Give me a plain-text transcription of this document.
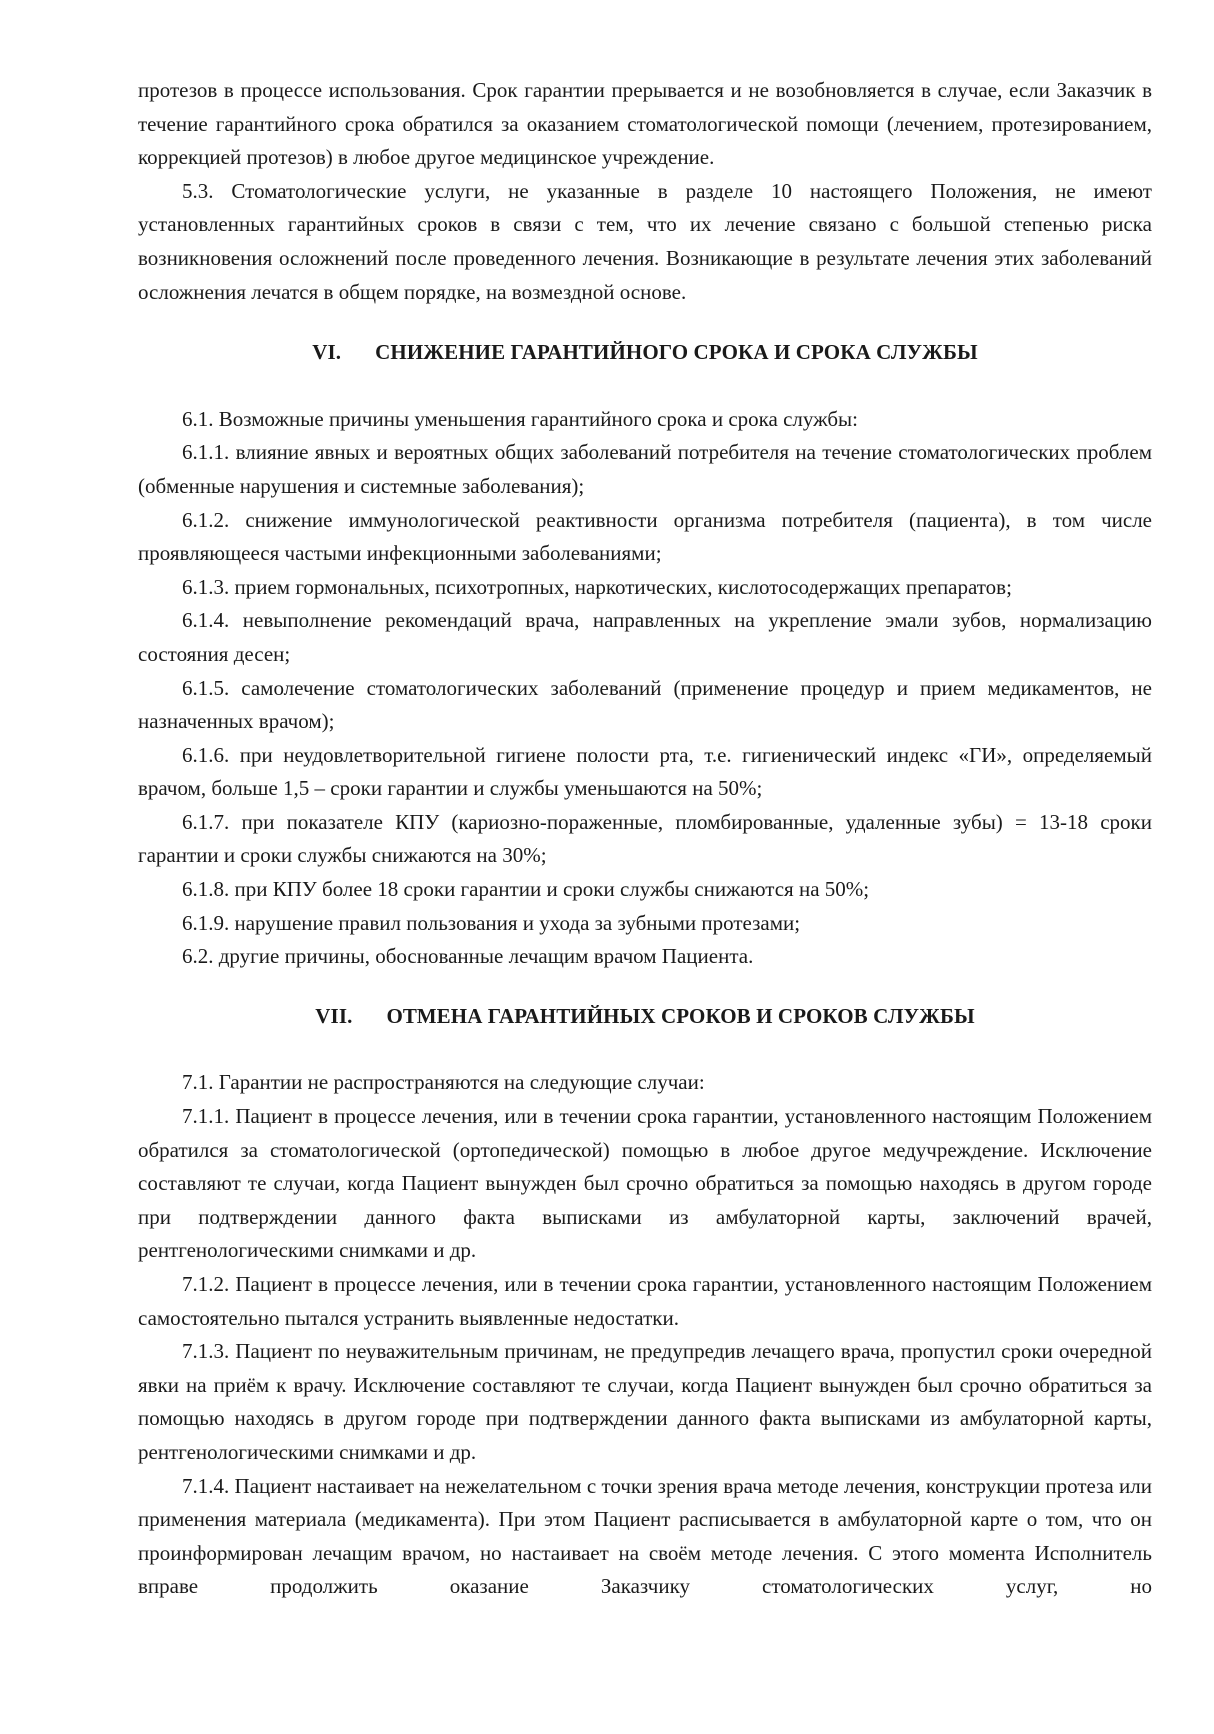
протезов в процессе использования. Срок гарантии прерывается и не возобновляется в случае, если Заказчик в течение гарантийного срока обратился за оказанием стоматологической помощи (лечением, протезированием, коррекцией протезов) в любое другое медицинское учреждение.

5.3. Стоматологические услуги, не указанные в разделе 10 настоящего Положения, не имеют установленных гарантийных сроков в связи с тем, что их лечение связано с большой степенью риска возникновения осложнений после проведенного лечения. Возникающие в результате лечения этих заболеваний осложнения лечатся в общем порядке, на возмездной основе.

VI. СНИЖЕНИЕ ГАРАНТИЙНОГО СРОКА И СРОКА СЛУЖБЫ

6.1. Возможные причины уменьшения гарантийного срока и срока службы:

6.1.1. влияние явных и вероятных общих заболеваний потребителя на течение стоматологических проблем (обменные нарушения и системные заболевания);

6.1.2. снижение иммунологической реактивности организма потребителя (пациента), в том числе проявляющееся частыми инфекционными заболеваниями;

6.1.3. прием гормональных, психотропных, наркотических, кислотосодержащих препаратов;

6.1.4. невыполнение рекомендаций врача, направленных на укрепление эмали зубов, нормализацию состояния десен;

6.1.5. самолечение стоматологических заболеваний (применение процедур и прием медикаментов, не назначенных врачом);

6.1.6. при неудовлетворительной гигиене полости рта, т.е. гигиенический индекс «ГИ», определяемый врачом, больше 1,5 – сроки гарантии и службы уменьшаются на 50%;

6.1.7. при показателе КПУ (кариозно-пораженные, пломбированные, удаленные зубы) = 13-18 сроки гарантии и сроки службы снижаются на 30%;

6.1.8. при КПУ более 18 сроки гарантии и сроки службы снижаются на 50%;

6.1.9. нарушение правил пользования и ухода за зубными протезами;

6.2. другие причины, обоснованные лечащим врачом Пациента.

VII. ОТМЕНА ГАРАНТИЙНЫХ СРОКОВ И СРОКОВ СЛУЖБЫ

7.1. Гарантии не распространяются на следующие случаи:

7.1.1. Пациент в процессе лечения, или в течении срока гарантии, установленного настоящим Положением обратился за стоматологической (ортопедической) помощью в любое другое медучреждение. Исключение составляют те случаи, когда Пациент вынужден был срочно обратиться за помощью находясь в другом городе при подтверждении данного факта выписками из амбулаторной карты, заключений врачей, рентгенологическими снимками и др.

7.1.2. Пациент в процессе лечения, или в течении срока гарантии, установленного настоящим Положением самостоятельно пытался устранить выявленные недостатки.

7.1.3. Пациент по неуважительным причинам, не предупредив лечащего врача, пропустил сроки очередной явки на приём к врачу. Исключение составляют те случаи, когда Пациент вынужден был срочно обратиться за помощью находясь в другом городе при подтверждении данного факта выписками из амбулаторной карты, рентгенологическими снимками и др.

7.1.4. Пациент настаивает на нежелательном с точки зрения врача методе лечения, конструкции протеза или применения материала (медикамента). При этом Пациент расписывается в амбулаторной карте о том, что он проинформирован лечащим врачом, но настаивает на своём методе лечения. С этого момента Исполнитель вправе продолжить оказание Заказчику стоматологических услуг, но
